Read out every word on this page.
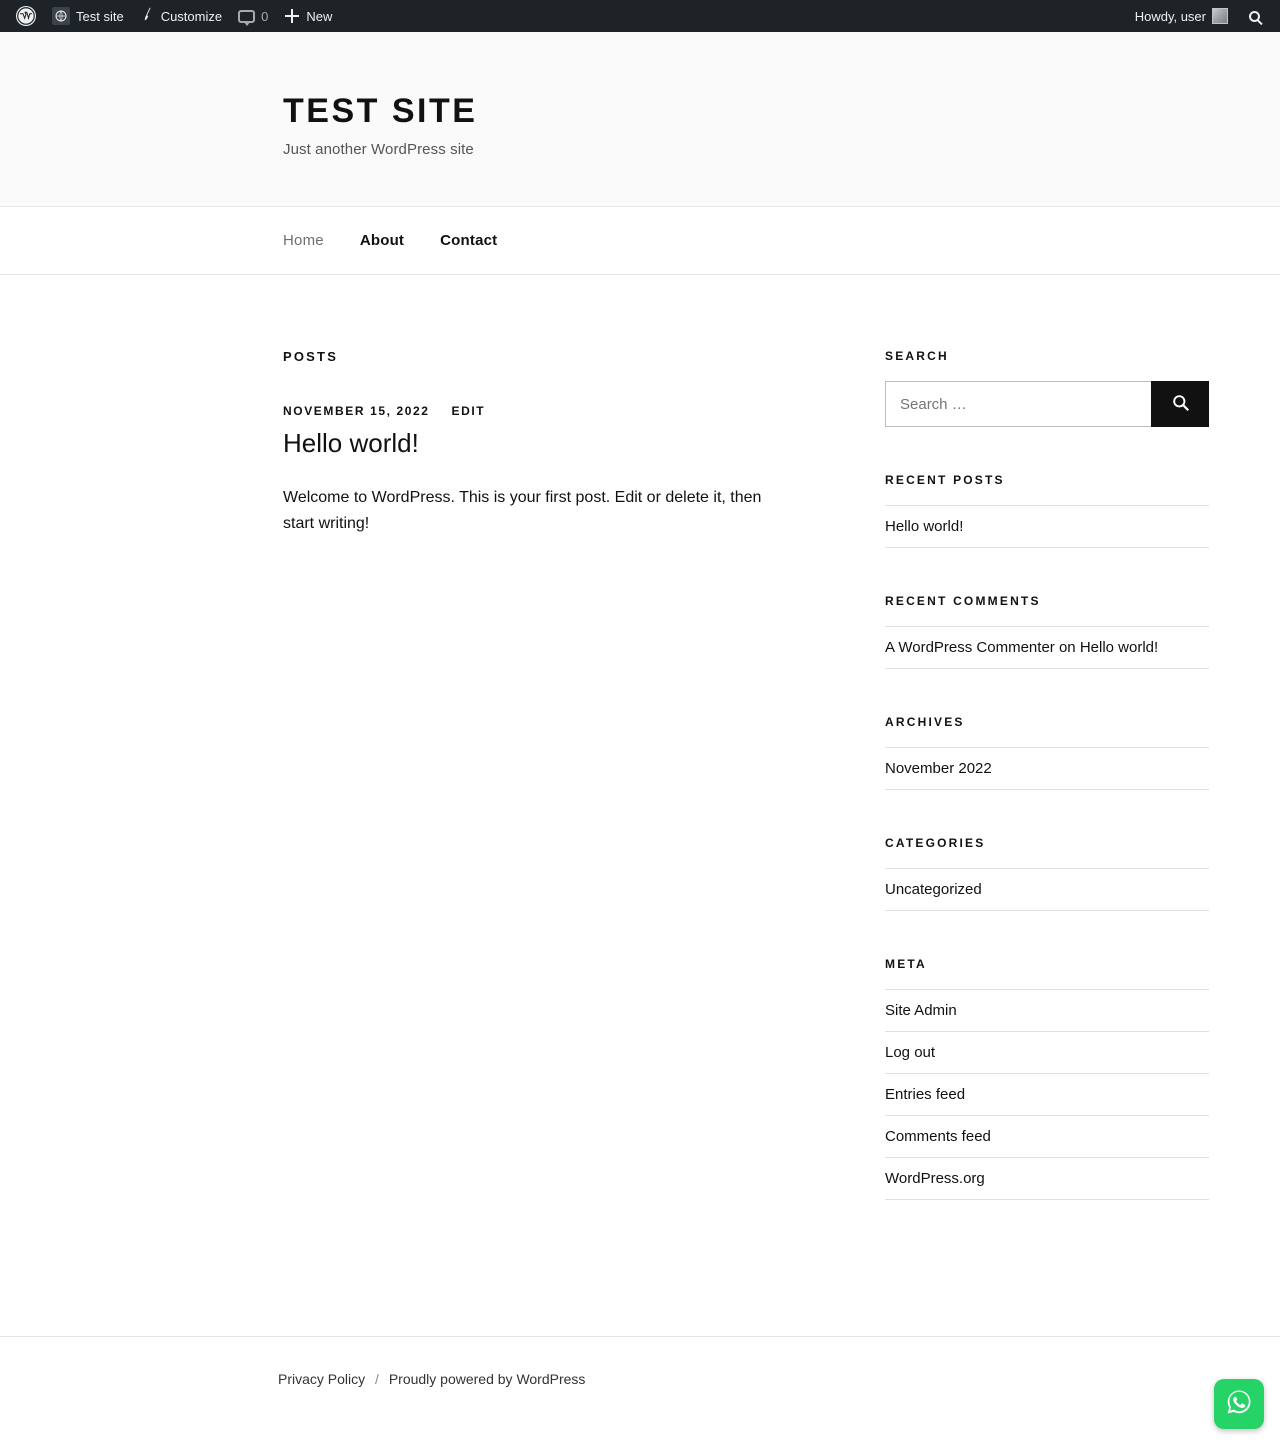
Test site	Customize	0	New	Howdy, user
TEST SITE

Just another WordPress site

Home About Contact
POSTS
NOVEMBER 15, 2022 EDIT
Hello world!

Welcome to WordPress. This is your first post. Edit or delete it, then start writing!

SEARCH
Search …
RECENT POSTS
Hello world!
RECENT COMMENTS
A WordPress Commenter on Hello world!
ARCHIVES
November 2022
CATEGORIES
Uncategorized
META
Site Admin
Log out
Entries feed
Comments feed
WordPress.org
Privacy Policy / Proudly powered by WordPress
